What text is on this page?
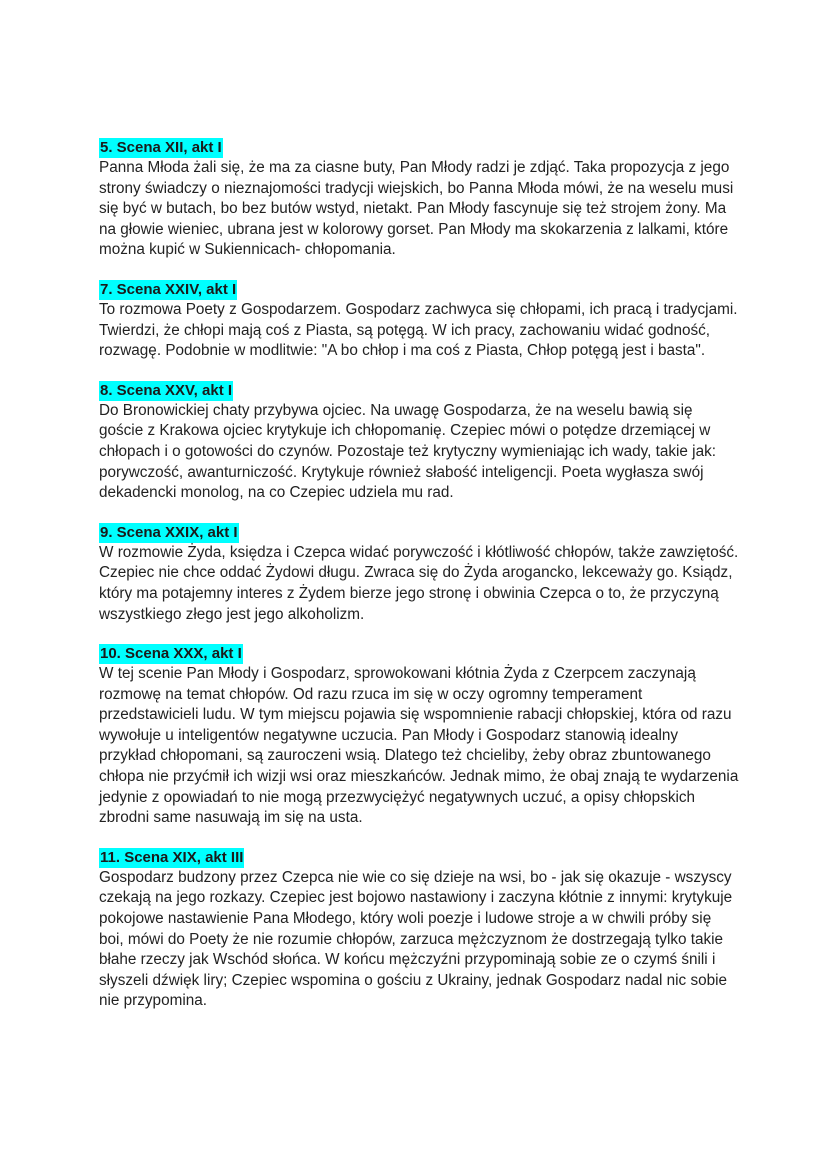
5. Scena XII, akt I

Panna Młoda żali się, że ma za ciasne buty, Pan Młody radzi je zdjąć. Taka propozycja z jego strony świadczy o nieznajomości tradycji wiejskich, bo Panna Młoda mówi, że na weselu musi się być w butach, bo bez butów wstyd, nietakt. Pan Młody fascynuje się też strojem żony. Ma na głowie wieniec, ubrana jest w kolorowy gorset. Pan Młody ma skokarzenia z lalkami, które można kupić w Sukiennicach- chłopomania.

7. Scena XXIV, akt I

To rozmowa Poety z Gospodarzem. Gospodarz zachwyca się chłopami, ich pracą i tradycjami. Twierdzi, że chłopi mają coś z Piasta, są potęgą. W ich pracy, zachowaniu widać godność, rozwagę. Podobnie w modlitwie: "A bo chłop i ma coś z Piasta, Chłop potęgą jest i basta".

8. Scena XXV, akt I

Do Bronowickiej chaty przybywa ojciec. Na uwagę Gospodarza, że na weselu bawią się goście z Krakowa ojciec krytykuje ich chłopomanię. Czepiec mówi o potędze drzemiącej w chłopach i o gotowości do czynów. Pozostaje też krytyczny wymieniając ich wady, takie jak: porywczość, awanturniczość. Krytykuje również słabość inteligencji. Poeta wygłasza swój dekadencki monolog, na co Czepiec udziela mu rad.

9. Scena XXIX, akt I

W rozmowie Żyda, księdza i Czepca widać porywczość i kłótliwość chłopów, także zawziętość. Czepiec nie chce oddać Żydowi długu. Zwraca się do Żyda arogancko, lekceważy go. Ksiądz, który ma potajemny interes z Żydem bierze jego stronę i obwinia Czepca o to, że przyczyną wszystkiego złego jest jego alkoholizm.

10. Scena XXX, akt I

W tej scenie Pan Młody i Gospodarz, sprowokowani kłótnia Żyda z Czerpcem zaczynają rozmowę na temat chłopów. Od razu rzuca im się w oczy ogromny temperament przedstawicieli ludu. W tym miejscu pojawia się wspomnienie rabacji chłopskiej, która od razu wywołuje u inteligentów negatywne uczucia. Pan Młody i Gospodarz stanowią idealny przykład chłopomani, są zauroczeni wsią. Dlatego też chcieliby, żeby obraz zbuntowanego chłopa nie przyćmił ich wizji wsi oraz mieszkańców. Jednak mimo, że obaj znają te wydarzenia jedynie z opowiadań to nie mogą przezwyciężyć negatywnych uczuć, a opisy chłopskich zbrodni same nasuwają im się na usta.

11. Scena XIX, akt III

Gospodarz budzony przez Czepca nie wie co się dzieje na wsi, bo - jak się okazuje - wszyscy czekają na jego rozkazy. Czepiec jest bojowo nastawiony i zaczyna kłótnie z innymi: krytykuje pokojowe nastawienie Pana Młodego, który woli poezje i ludowe stroje a w chwili próby się boi, mówi do Poety że nie rozumie chłopów, zarzuca mężczyznom że dostrzegają tylko takie błahe rzeczy jak Wschód słońca. W końcu mężczyźni przypominają sobie ze o czymś śnili i słyszeli dźwięk liry; Czepiec wspomina o gościu z Ukrainy, jednak Gospodarz nadal nic sobie nie przypomina.
